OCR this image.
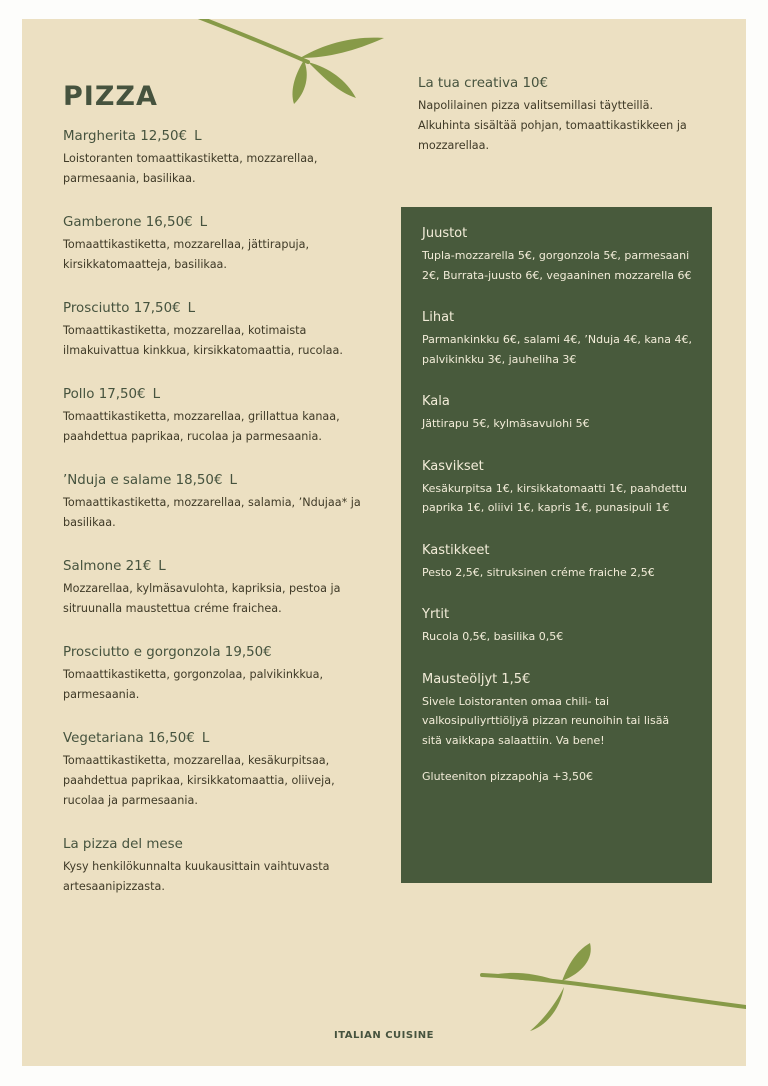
PIZZA
Margherita 12,50€ L
Loistoranten tomaattikastiketta, mozzarellaa, parmesaania, basilikaa.
Gamberone 16,50€ L
Tomaattikastiketta, mozzarellaa, jättirapuja, kirsikkatomaatteja, basilikaa.
Prosciutto 17,50€ L
Tomaattikastiketta, mozzarellaa, kotimaista ilmakuivattua kinkkua, kirsikkatomaattia, rucolaa.
Pollo 17,50€ L
Tomaattikastiketta, mozzarellaa, grillattua kanaa, paahdettua paprikaa, rucolaa ja parmesaania.
’Nduja e salame 18,50€ L
Tomaattikastiketta, mozzarellaa, salamia, ’Ndujaa* ja basilikaa.
Salmone 21€ L
Mozzarellaa, kylmäsavulohta, kapriksia, pestoa ja sitruunalla maustettua créme fraichea.
Prosciutto e gorgonzola 19,50€
Tomaattikastiketta, gorgonzolaa, palvikinkkua, parmesaania.
Vegetariana 16,50€ L
Tomaattikastiketta, mozzarellaa, kesäkurpitsaa, paahdettua paprikaa, kirsikkatomaattia, oliiveja, rucolaa ja parmesaania.
La pizza del mese
Kysy henkilökunnalta kuukausittain vaihtuvasta artesaanipizzasta.
La tua creativa 10€
Napolilainen pizza valitsemillasi täytteillä. Alkuhinta sisältää pohjan, tomaattikastikkeen ja mozzarellaa.
Juustot
Tupla-mozzarella 5€, gorgonzola 5€, parmesaani 2€, Burrata-juusto 6€, vegaaninen mozzarella 6€
Lihat
Parmankinkku 6€, salami 4€, ’Nduja 4€, kana 4€, palvikinkku 3€, jauheliha 3€
Kala
Jättirapu 5€, kylmäsavulohi 5€
Kasvikset
Kesäkurpitsa 1€, kirsikkatomaatti 1€, paahdettu paprika 1€, oliivi 1€, kapris 1€, punasipuli 1€
Kastikkeet
Pesto 2,5€, sitruksinen créme fraiche 2,5€
Yrtit
Rucola 0,5€, basilika 0,5€
Mausteöljyt 1,5€
Sivele Loistoranten omaa chili- tai valkosipuliyrttiöljyä pizzan reunoihin tai lisää sitä vaikkapa salaattiin. Va bene!
Gluteeniton pizzapohja +3,50€
ITALIAN CUISINE
